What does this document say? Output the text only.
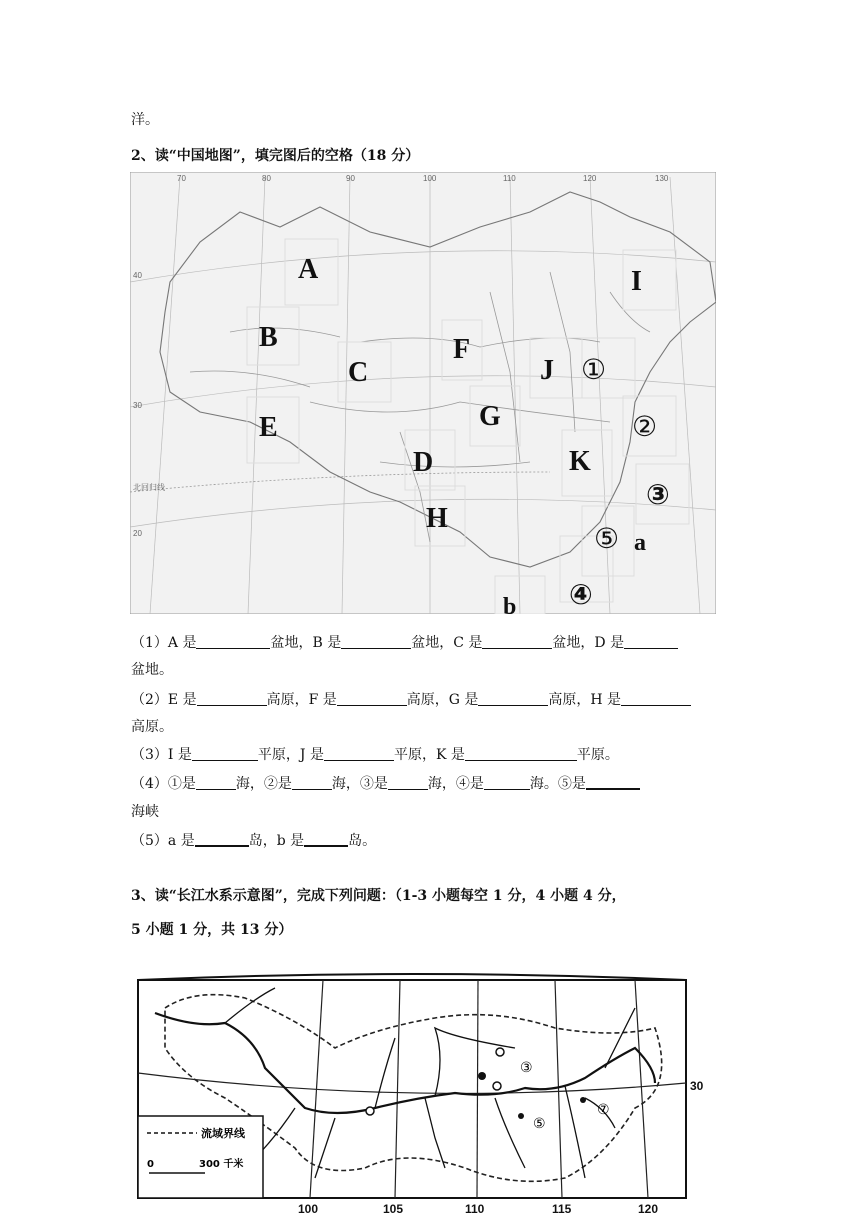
洋。
2、读“中国地图”，填完图后的空格（18 分）
70	80	90	100	110	120	130
40
30
20
北回归线
A
B
C
D
E
F
G
H
I
J
K
①
②
③
④
⑤ a
b
（1）A 是	盆地，B 是	盆地，C 是	盆地，D 是
盆地。
（2）E 是	高原，F 是	高原，G 是	高原，H 是
高原。
（3）I 是	平原，J 是	平原，K 是	平原。
（4）①是	海，②是	海，③是	海，④是	海。⑤是
海峡
（5）a 是	岛，b 是	岛。
3、读“长江水系示意图”，完成下列问题：（1-3 小题每空 1 分，4 小题 4 分，
5 小题 1 分，共 13 分）
流域界线
0	300 千米
③
⑤
⑦
100	105	110	115	120
30
